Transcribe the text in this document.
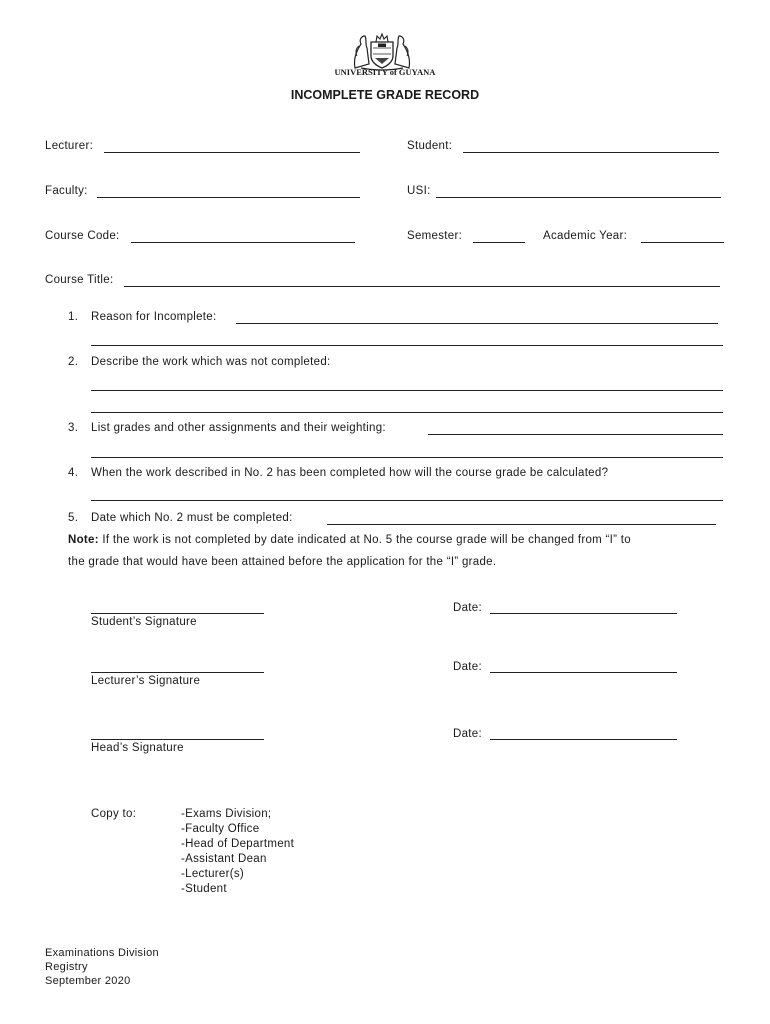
UNIVERSITY of GUYANA
INCOMPLETE GRADE RECORD
Lecturer:	Student:
Faculty:	USI:
Course Code:	Semester:	Academic Year:
Course Title:
1. Reason for Incomplete:
2. Describe the work which was not completed:
3. List grades and other assignments and their weighting:
4. When the work described in No. 2 has been completed how will the course grade be calculated?
5. Date which No. 2 must be completed:
Note: If the work is not completed by date indicated at No. 5 the course grade will be changed from “I” to
the grade that would have been attained before the application for the “I” grade.
Student’s Signature
Date:
Lecturer’s Signature
Date:
Head’s Signature
Date:
Copy to:	-Exams Division;
-Faculty Office
-Head of Department
-Assistant Dean
-Lecturer(s)
-Student
Examinations Division
Registry
September 2020
